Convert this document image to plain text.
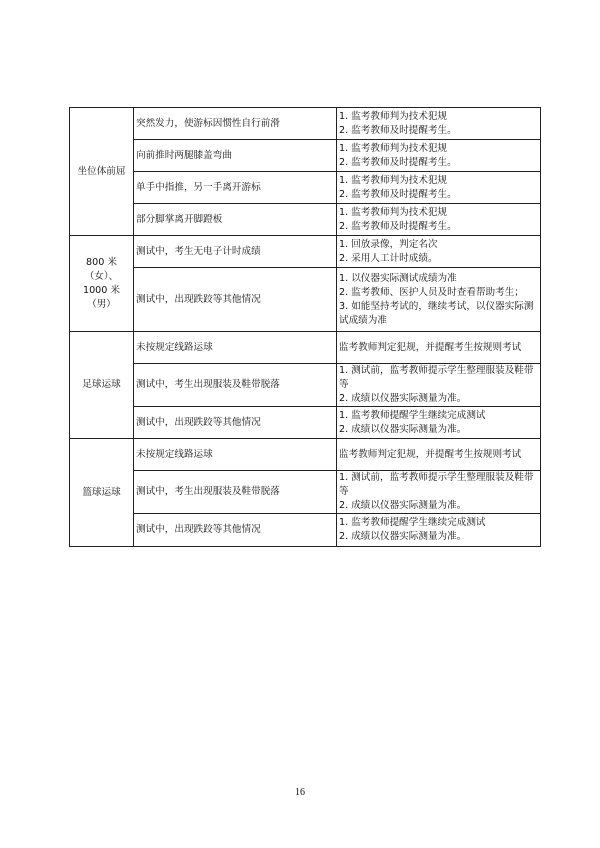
坐位体前屈	突然发力，使游标因惯性自行前滑	1. 监考教师判为技术犯规
2. 监考教师及时提醒考生。

	向前推时两腿膝盖弯曲	1. 监考教师判为技术犯规
2. 监考教师及时提醒考生。

	单手中指推，另一手离开游标	1. 监考教师判为技术犯规
2. 监考教师及时提醒考生。

	部分脚掌离开脚蹬板	1. 监考教师判为技术犯规
2. 监考教师及时提醒考生。

800 米（女）、
1000 米（男）	测试中，考生无电子计时成绩	1. 回放录像，判定名次
2. 采用人工计时成绩。

	测试中，出现跌跤等其他情况	1. 以仪器实际测试成绩为准
2. 监考教师、医护人员及时查看帮助考生；
3. 如能坚持考试的，继续考试，以仪器实际测试成绩为准

足球运球	未按规定线路运球	监考教师判定犯规，并提醒考生按规则考试

	测试中，考生出现服装及鞋带脱落	1. 测试前，监考教师提示学生整理服装及鞋带等
2. 成绩以仪器实际测量为准。

	测试中，出现跌跤等其他情况	1. 监考教师提醒学生继续完成测试
2. 成绩以仪器实际测量为准。

篮球运球	未按规定线路运球	监考教师判定犯规，并提醒考生按规则考试

	测试中，考生出现服装及鞋带脱落	1. 测试前，监考教师提示学生整理服装及鞋带等
2. 成绩以仪器实际测量为准。

	测试中，出现跌跤等其他情况	1. 监考教师提醒学生继续完成测试
2. 成绩以仪器实际测量为准。
16
